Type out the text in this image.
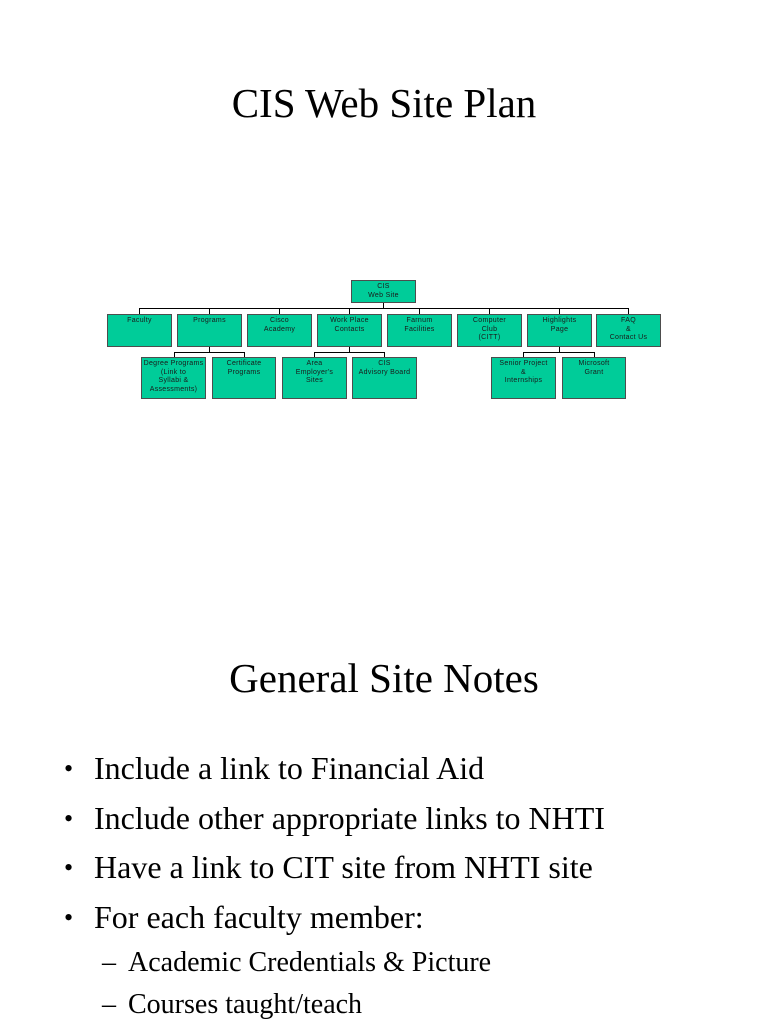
CIS Web Site Plan
CIS
Web Site
Faculty	Programs	Cisco
Academy
Work Place
Contacts
Farnum
Facilities
Computer
Club
(CITT)
Highlights
Page
FAQ
&
Contact Us
Degree Programs
(Link to
Syllabi &
Assessments)
Certificate
Programs
Area
Employer's
Sites
CIS
Advisory Board
Senior Project
&
Internships
Microsoft
Grant
General Site Notes
• Include a link to Financial Aid
• Include other appropriate links to NHTI
• Have a link to CIT site from NHTI site
• For each faculty member:
– Academic Credentials & Picture
– Courses taught/teach
